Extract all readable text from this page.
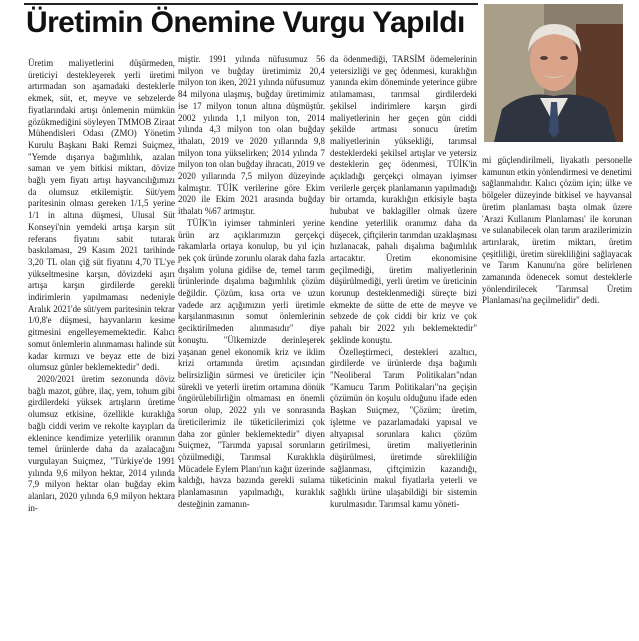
Üretimin Önemine Vurgu Yapıldı

Üretim maliyetlerini düşürmeden, üreticiyi destekleyerek yerli üretimi artırmadan son aşamadaki desteklerle ekmek, süt, et, meyve ve sebzelerde fiyatlarındaki artışı önlemenin mümkün gözükmediğini söyleyen TMMOB Ziraat Mühendisleri Odası (ZMO) Yönetim Kurulu Başkanı Baki Remzi Suiçmez, "Yemde dışarıya bağımlılık, azalan saman ve yem bitkisi miktarı, dövize bağlı yem fiyatı artışı hayvancılığımızı da olumsuz etkilemiştir. Süt/yem paritesinin olması gereken 1/1,5 yerine 1/1 in altına düşmesi, Ulusal Süt Konseyi'nin yemdeki artışa karşın süt referans fiyatını sabit tutarak baskılaması, 29 Kasım 2021 tarihinde 3,20 TL olan çiğ süt fiyatını 4,70 TL'ye yükseltmesine karşın, dövizdeki aşırı artışa karşın girdilerde gerekli indirimlerin yapılmaması nedeniyle Aralık 2021'de süt/yem paritesinin tekrar 1/0,8'e düşmesi, hayvanların kesime gitmesini engelleyememektedir. Kalıcı somut önlemlerin alınmaması halinde süt kadar kırmızı ve beyaz ette de bizi olumsuz günler beklemektedir" dedi.

2020/2021 üretim sezonunda döviz bağlı mazot, gübre, ilaç, yem, tohum gibi girdilerdeki yüksek artışların üretime olumsuz etkisine, özellikle kuraklığa bağlı ciddi verim ve rekolte kayıpları da eklenince kendimize yeterlilik oranının temel ürünlerde daha da azalacağını vurgulayan Suiçmez, "Türkiye'de 1991 yılında 9,6 milyon hektar, 2014 yılında 7,9 milyon hektar olan buğday ekim alanları, 2020 yılında 6,9 milyon hektara in-

miştir. 1991 yılında nüfusumuz 56 milyon ve buğday üretimimiz 20,4 milyon ton iken, 2021 yılında nüfusumuz 84 milyona ulaşmış, buğday üretimimiz ise 17 milyon tonun altına düşmüştür. 2002 yılında 1,1 milyon ton, 2014 yılında 4,3 milyon ton olan buğday ithalatı, 2019 ve 2020 yıllarında 9,8 milyon tona yükselirken; 2014 yılında 7 milyon ton olan buğday ihracatı, 2019 ve 2020 yıllarında 7,5 milyon düzeyinde kalmıştır. TÜİK verilerine göre Ekim 2020 ile Ekim 2021 arasında buğday ithalatı %67 artmıştır.

TÜİK'in iyimser tahminleri yerine ürün arz açıklarımızın gerçekçi rakamlarla ortaya konulup, bu yıl için pek çok üründe zorunlu olarak daha fazla dışalım yoluna gidilse de, temel tarım ürünlerinde dışalıma bağımlılık çözüm değildir. Çözüm, kısa orta ve uzun vadede arz açığımızın yerli üretimle karşılanmasının somut önlemlerinin geciktirilmeden alınmasıdır" diye konuştu. "Ülkemizde derinleşerek yaşanan genel ekonomik kriz ve iklim krizi ortamında üretim açısından belirsizliğin sürmesi ve üreticiler için sürekli ve yeterli üretim ortamına dönük öngörülebilirliğin olmaması en önemli sorun olup, 2022 yılı ve sonrasında üreticilerimiz ile tüketicilerimizi çok daha zor günler beklemektedir" diyen Suiçmez, "Tarımda yapısal sorunların çözülmediği, Tarımsal Kuraklıkla Mücadele Eylem Planı'nın kağıt üzerinde kaldığı, havza bazında gerekli sulama planlamasının yapılmadığı, kuraklık desteğinin zamanın-

da ödenmediği, TARSİM ödemelerinin yetersizliği ve geç ödenmesi, kuraklığın yanında ekim döneminde yeterince gübre atılamaması, tarımsal girdilerdeki şekilsel indirimlere karşın girdi maliyetlerinin her geçen gün ciddi şekilde artması sonucu üretim maliyetlerinin yüksekliği, tarımsal desteklerdeki şekilsel artışlar ve yetersiz desteklerin geç ödenmesi, TÜİK'in açıkladığı gerçekçi olmayan iyimser verilerle gerçek planlamanın yapılmadığı bir ortamda, kuraklığın etkisiyle başta hububat ve baklagiller olmak üzere kendine yeterlilik oranımız daha da düşecek, çiftçilerin tarımdan uzaklaşması hızlanacak, pahalı dışalıma bağımlılık artacaktır. Üretim ekonomisine geçilmediği, üretim maliyetlerinin düşürülmediği, yerli üretim ve üreticinin korunup desteklenmediği süreçte bizi ekmekte de sütte de ette de meyve ve sebzede de çok ciddi bir kriz ve çok pahalı bir 2022 yılı beklemektedir" şeklinde konuştu.

Özelleştirmeci, destekleri azaltıcı, girdilerde ve ürünlerde dışa bağımlı "Neoliberal Tarım Politikaları"ndan "Kamucu Tarım Politikaları"na geçişin çözümün ön koşulu olduğunu ifade eden Başkan Suiçmez, "Çözüm; üretim, işletme ve pazarlamadaki yapısal ve altyapısal sorunlara kalıcı çözüm getirilmesi, üretim maliyetlerinin düşürülmesi, üretimde sürekliliğin sağlanması, çiftçimizin kazandığı, tüketicinin makul fiyatlarla yeterli ve sağlıklı ürüne ulaşabildiği bir sistemin kurulmasıdır. Tarımsal kamu yöneti-

mi güçlendirilmeli, liyakatlı personelle kamunun etkin yönlendirmesi ve denetimi sağlanmalıdır. Kalıcı çözüm için; ülke ve bölgeler düzeyinde bitkisel ve hayvansal üretim planlaması başta olmak üzere 'Arazi Kullanım Planlaması' ile korunan ve sulanabilecek olan tarım arazilerimizin artırılarak, üretim miktarı, üretim çeşitliliği, üretim sürekliliğini sağlayacak ve Tarım Kanunu'na göre belirlenen zamanında ödenecek somut desteklerle yönlendirilecek 'Tarımsal Üretim Planlaması'na geçilmelidir" dedi.
